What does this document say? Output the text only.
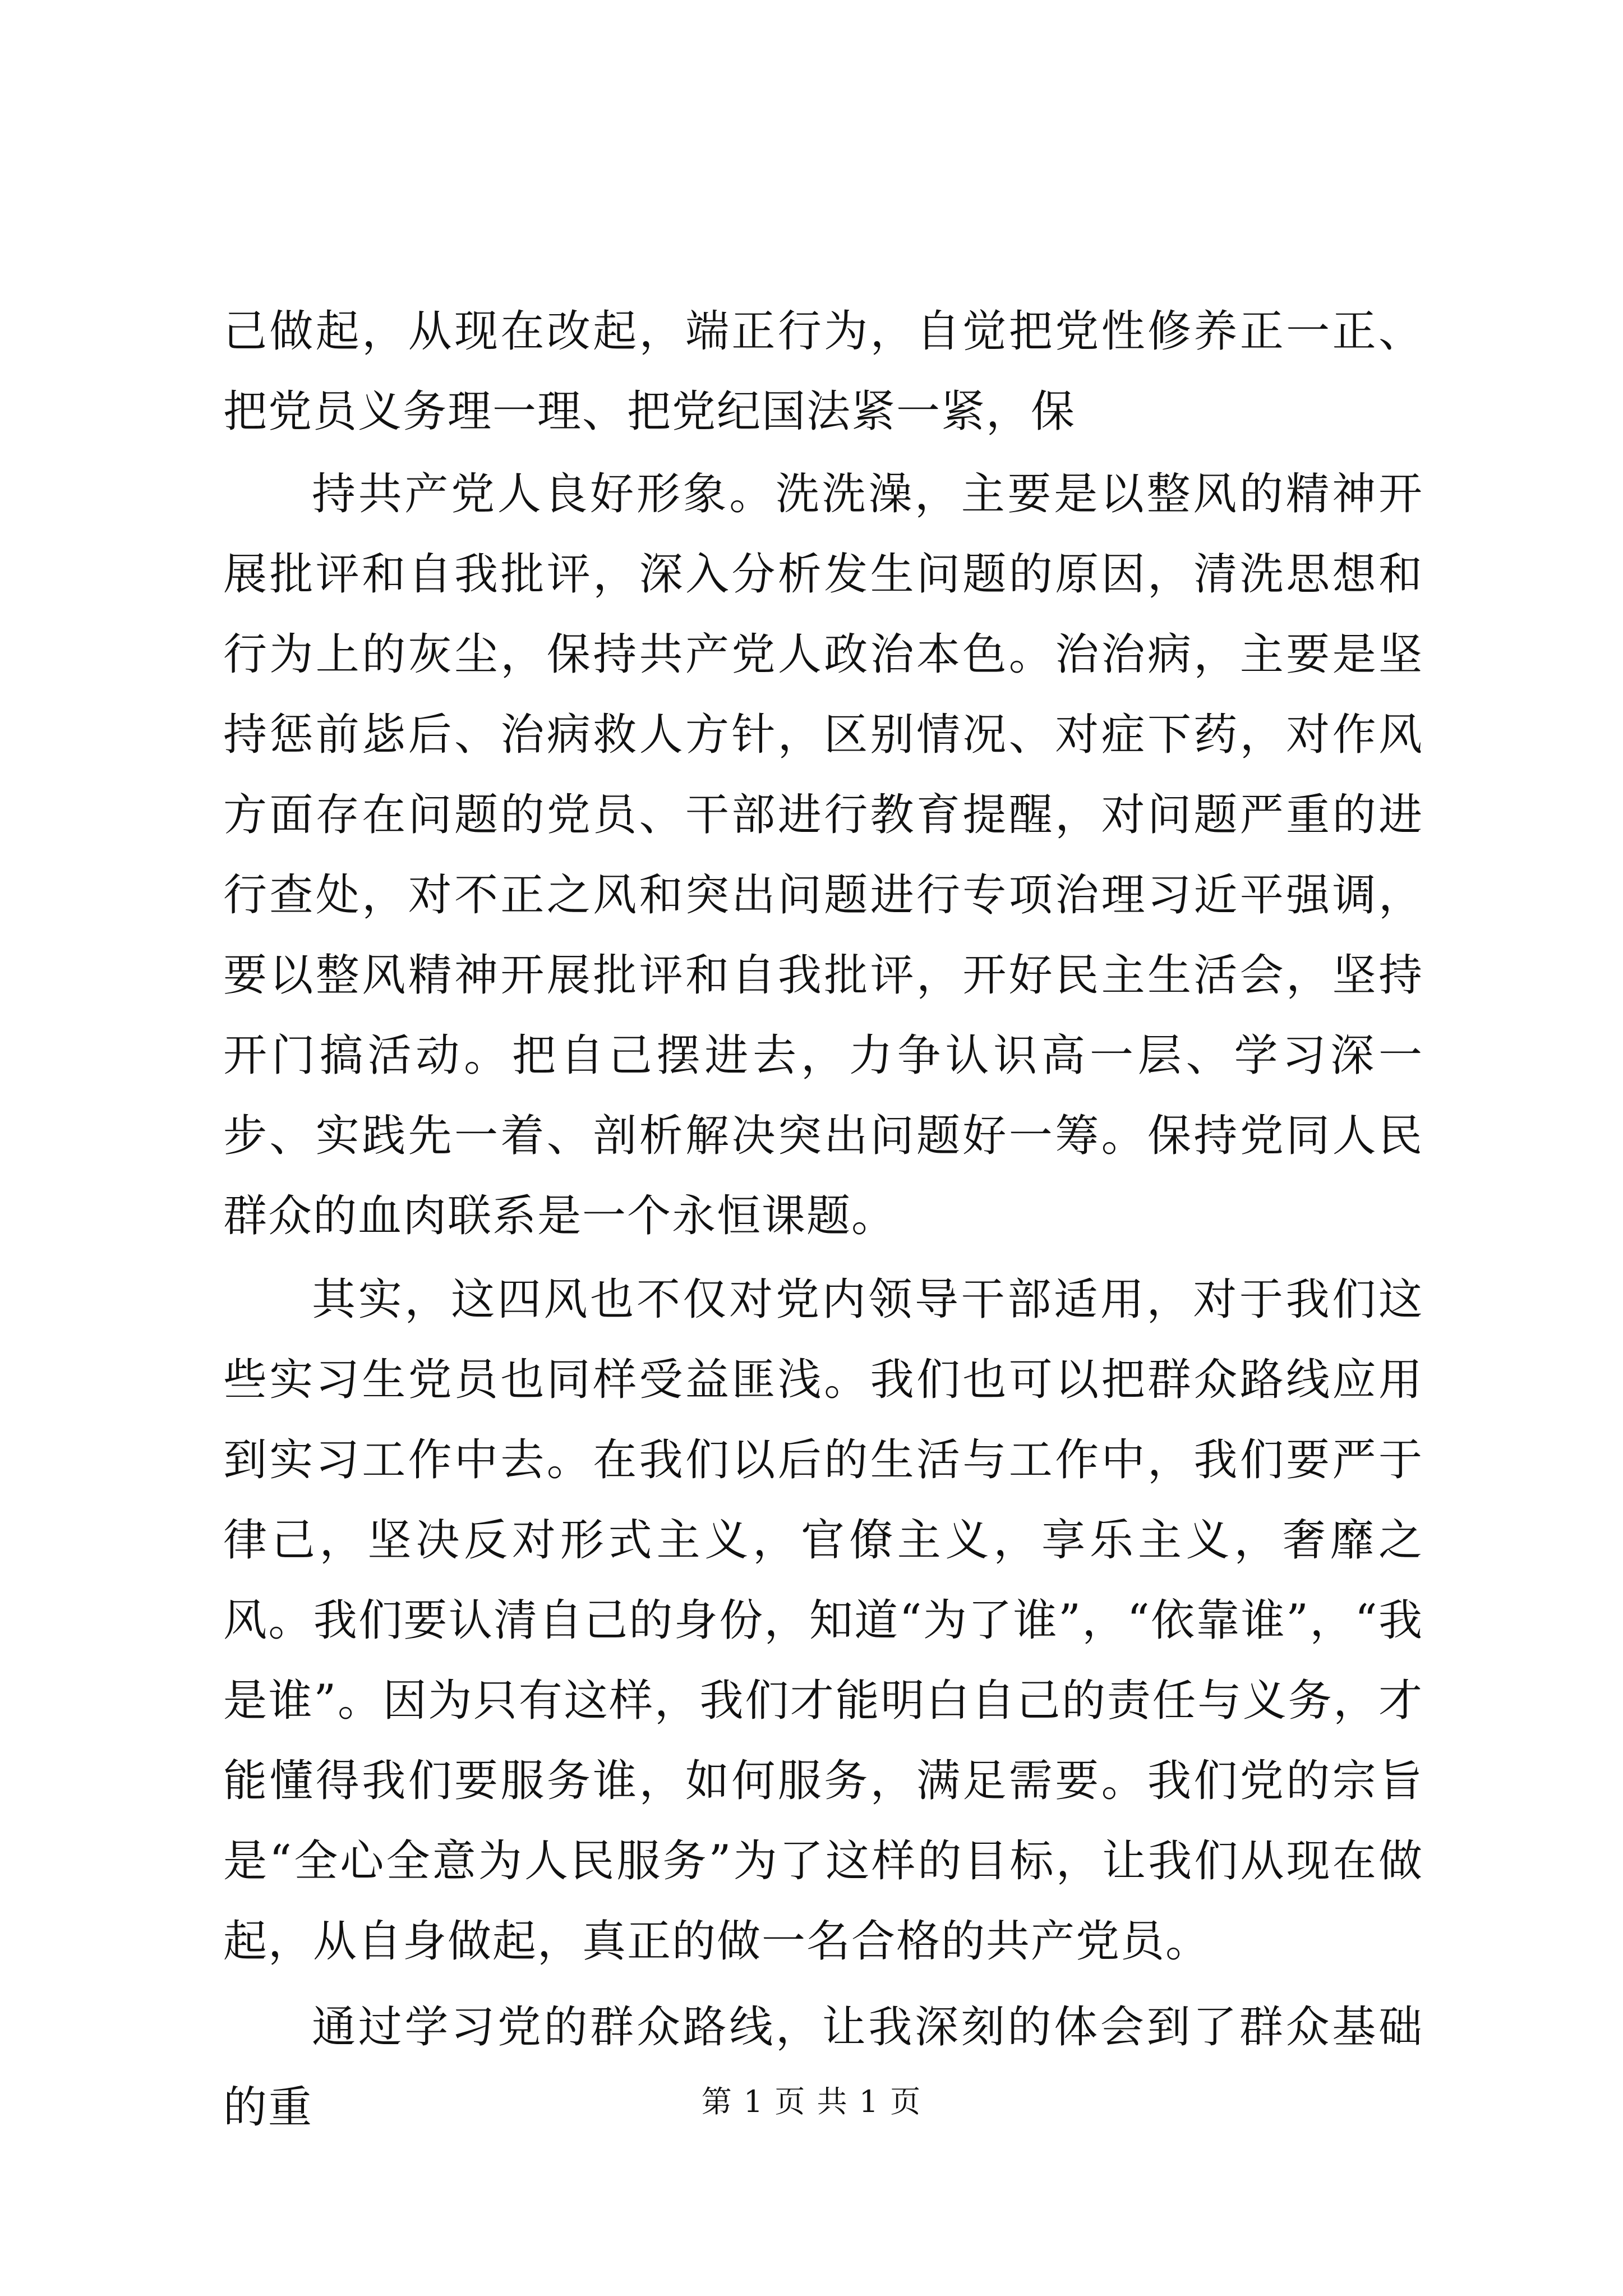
己做起，从现在改起，端正行为，自觉把党性修养正一正、把党员义务理一理、把党纪国法紧一紧，保

持共产党人良好形象。洗洗澡，主要是以整风的精神开展批评和自我批评，深入分析发生问题的原因，清洗思想和行为上的灰尘，保持共产党人政治本色。治治病，主要是坚持惩前毖后、治病救人方针，区别情况、对症下药，对作风方面存在问题的党员、干部进行教育提醒，对问题严重的进行查处，对不正之风和突出问题进行专项治理习近平强调，要以整风精神开展批评和自我批评，开好民主生活会，坚持开门搞活动。把自己摆进去，力争认识高一层、学习深一步、实践先一着、剖析解决突出问题好一筹。保持党同人民群众的血肉联系是一个永恒课题。

其实，这四风也不仅对党内领导干部适用，对于我们这些实习生党员也同样受益匪浅。我们也可以把群众路线应用到实习工作中去。在我们以后的生活与工作中，我们要严于律己，坚决反对形式主义，官僚主义，享乐主义，奢靡之风。我们要认清自己的身份，知道“为了谁”，“依靠谁”，“我是谁”。因为只有这样，我们才能明白自己的责任与义务，才能懂得我们要服务谁，如何服务，满足需要。我们党的宗旨是“全心全意为人民服务”为了这样的目标，让我们从现在做起，从自身做起，真正的做一名合格的共产党员。

通过学习党的群众路线，让我深刻的体会到了群众基础的重	第 1 页 共 1 页
